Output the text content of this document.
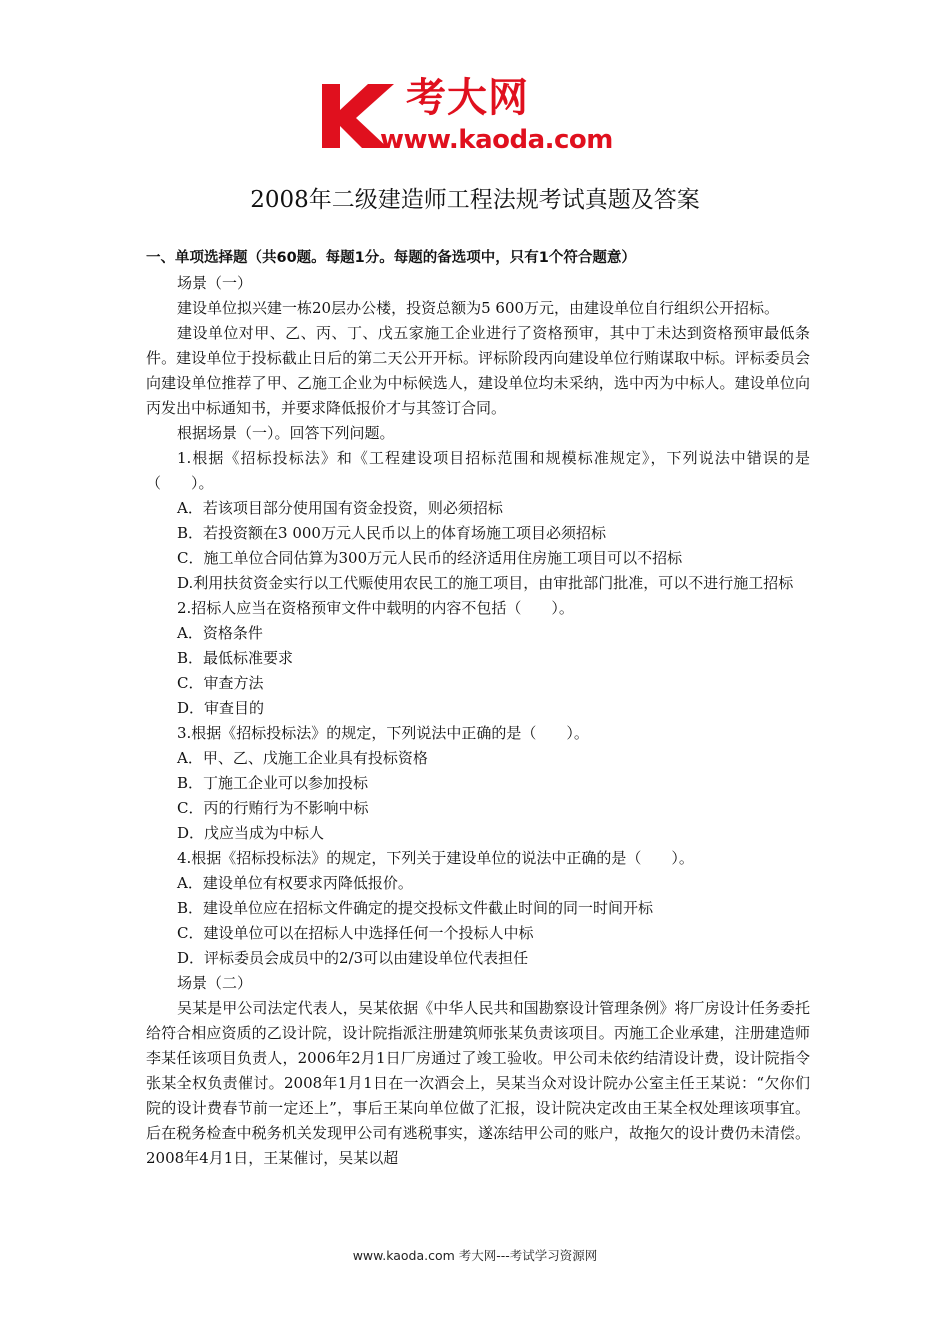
考大网
www.kaoda.com
2008年二级建造师工程法规考试真题及答案

一、单项选择题（共60题。每题1分。每题的备选项中，只有1个符合题意）

场景（一）

建设单位拟兴建一栋20层办公楼，投资总额为5 600万元，由建设单位自行组织公开招标。

建设单位对甲、乙、丙、丁、戊五家施工企业进行了资格预审，其中丁未达到资格预审最低条件。建设单位于投标截止日后的第二天公开开标。评标阶段丙向建设单位行贿谋取中标。评标委员会向建设单位推荐了甲、乙施工企业为中标候选人，建设单位均未采纳，选中丙为中标人。建设单位向丙发出中标通知书，并要求降低报价才与其签订合同。

根据场景（一）。回答下列问题。

1.根据《招标投标法》和《工程建设项目招标范围和规模标准规定》，下列说法中错误的是（　　）。

A．若该项目部分使用国有资金投资，则必须招标

B．若投资额在3 000万元人民币以上的体育场施工项目必须招标

C．施工单位合同估算为300万元人民币的经济适用住房施工项目可以不招标

D.利用扶贫资金实行以工代赈使用农民工的施工项目，由审批部门批准，可以不进行施工招标

2.招标人应当在资格预审文件中载明的内容不包括（　　）。

A．资格条件

B．最低标准要求

C．审查方法

D．审查目的

3.根据《招标投标法》的规定，下列说法中正确的是（　　）。

A．甲、乙、戊施工企业具有投标资格

B．丁施工企业可以参加投标

C．丙的行贿行为不影响中标

D．戊应当成为中标人

4.根据《招标投标法》的规定，下列关于建设单位的说法中正确的是（　　）。

A．建设单位有权要求丙降低报价。

B．建设单位应在招标文件确定的提交投标文件截止时间的同一时间开标

C．建设单位可以在招标人中选择任何一个投标人中标

D．评标委员会成员中的2/3可以由建设单位代表担任

场景（二）

吴某是甲公司法定代表人，吴某依据《中华人民共和国勘察设计管理条例》将厂房设计任务委托给符合相应资质的乙设计院，设计院指派注册建筑师张某负责该项目。丙施工企业承建，注册建造师李某任该项目负责人，2006年2月1日厂房通过了竣工验收。甲公司未依约结清设计费，设计院指令张某全权负责催讨。2008年1月1日在一次酒会上，吴某当众对设计院办公室主任王某说：“欠你们院的设计费春节前一定还上”，事后王某向单位做了汇报，设计院决定改由王某全权处理该项事宜。后在税务检查中税务机关发现甲公司有逃税事实，遂冻结甲公司的账户，故拖欠的设计费仍未清偿。2008年4月1日，王某催讨，吴某以超

www.kaoda.com 考大网---考试学习资源网
